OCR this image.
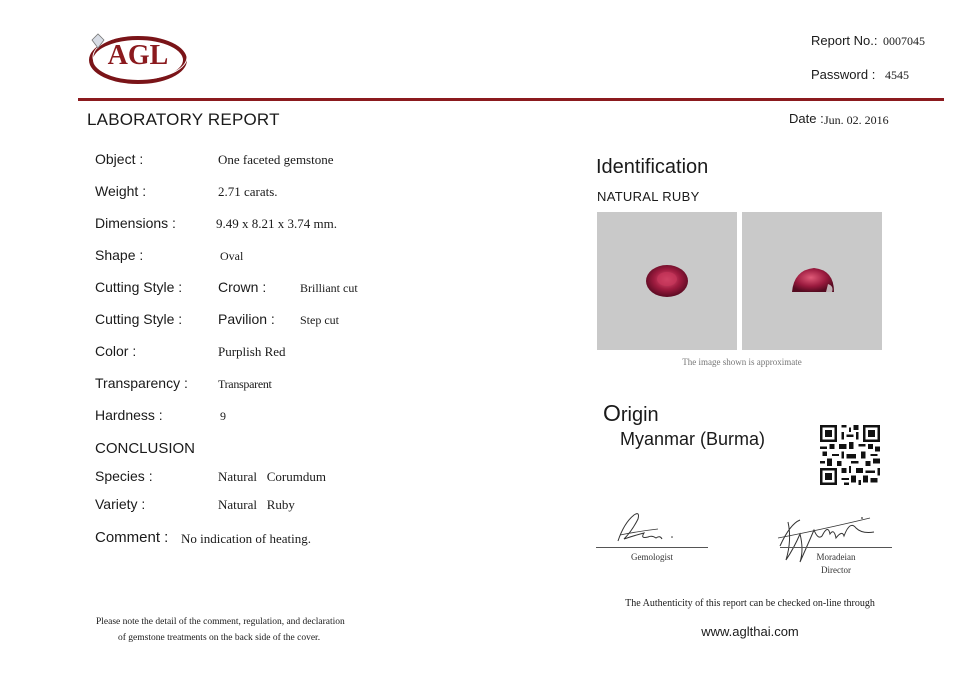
AGL	Report No.: 0007045
Password : 4545
LABORATORY REPORT	Date : Jun. 02. 2016
Object :	One faceted gemstone
Weight :	2.71 carats.
Dimensions :	9.49 x 8.21 x 3.74 mm.
Shape :	Oval
Cutting Style :	Crown :	Brilliant cut
Cutting Style :	Pavilion : Step cut
Color :	Purplish Red
Transparency :	Transparent
Hardness :	9
CONCLUSION
Species :	Natural   Corumdum
Variety :	Natural   Ruby
Comment : No indication of heating.
Identification
NATURAL RUBY
The image shown is approximate
Origin
Myanmar (Burma)
Gemologist	Moradeian
Director
The Authenticity of this report can be checked on-line through
www.aglthai.com
Please note the detail of the comment, regulation, and declaration
of gemstone treatments on the back side of the cover.
